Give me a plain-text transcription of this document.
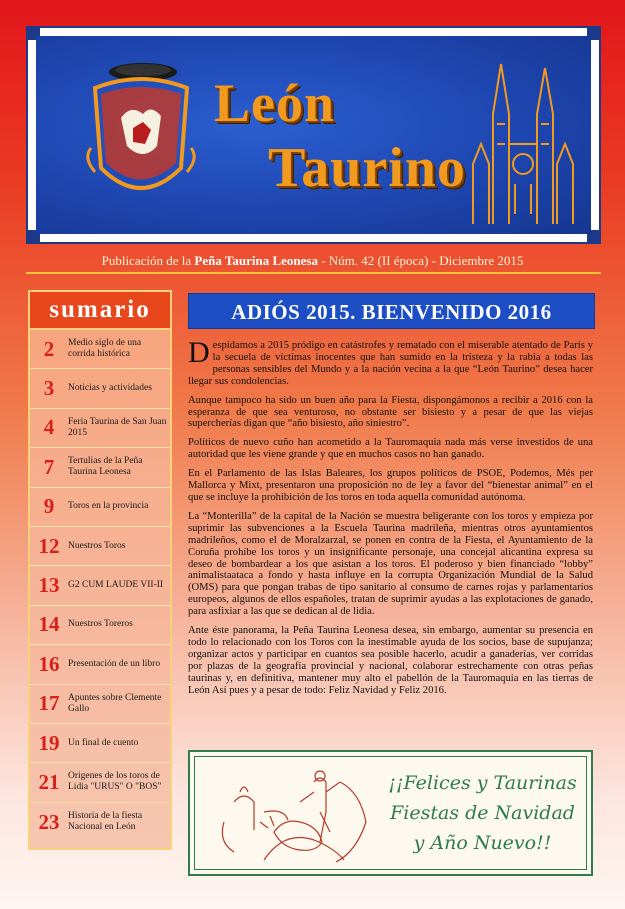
León
Taurino
Publicación de la Peña Taurina Leonesa - Núm. 42 (II época) - Diciembre 2015
sumario
2	Medio siglo de una corrida histórica
3	Noticias y actividades
4	Feria Taurina de San Juan 2015
7	Tertulias de la Peña Taurina Leonesa
9	Toros en la provincia
12 Nuestros Toros
13 G2 CUM LAUDE VII-II
14 Nuestros Toreros
16 Presentación de un libro
17 Apuntes sobre Clemente Gallo
19 Un final de cuento
21 Origenes de los toros de Lidia "URUS" O "BOS"
23 Historia de la fiesta Nacional en León
ADIÓS 2015. BIENVENIDO 2016

Despidamos a 2015 pródigo en catástrofes y rematado con el miserable atentado de París y la secuela de víctimas inocentes que han sumido en la tristeza y la rabia a todas las personas sensibles del Mundo y a la nación vecina a la que “León Taurino” desea hacer llegar sus condolencias.

Aunque tampoco ha sido un buen año para la Fiesta, dispongámonos a recibir a 2016 con la esperanza de que sea venturoso, no obstante ser bisiesto y a pesar de que las viejas supercherías digan que “año bisiesto, año siniestro”.

Políticos de nuevo cuño han acometido a la Tauromaquia nada más verse investidos de una autoridad que les viene grande y que en muchos casos no han ganado.

En el Parlamento de las Islas Baleares, los grupos políticos de PSOE, Podemos, Més per Mallorca y Mixt, presentaron una proposición no de ley a favor del “bienestar animal” en el que se incluye la prohibición de los toros en toda aquella comunidad autónoma.

La “Monterilla” de la capital de la Nación se muestra beligerante con los toros y empieza por suprimir las subvenciones a la Escuela Taurina madrileña, mientras otros ayuntamientos madrileños, como el de Moralzarzal, se ponen en contra de la Fiesta, el Ayuntamiento de la Coruña prohíbe los toros y un insignificante personaje, una concejal alicantina expresa su deseo de bombardear a los que asistan a los toros. El poderoso y bien financiado “lobby” animalistaataca a fondo y hasta influye en la corrupta Organización Mundial de la Salud (OMS) para que pongan trabas de tipo sanitario al consumo de carnes rojas y parlamentarios europeos, algunos de ellos españoles, tratan de suprimir ayudas a las explotaciones de ganado, para asfixiar a las que se dedican al de lidia.

Ante éste panorama, la Peña Taurina Leonesa desea, sin embargo, aumentar su presencia en todo lo relacionado con los Toros con la inestimable ayuda de los socios, base de supujanza; organizar actos y participar en cuantos sea posible hacerlo, acudir a ganaderías, ver corridas por plazas de la geografía provincial y nacional, colaborar estrechamente con otras peñas taurinas y, en definitiva, mantener muy alto el pabellón de la Tauromaquia en las tierras de León Así pues y a pesar de todo: Feliz Navidad y Feliz 2016.

¡¡Felices y Taurinas
Fiestas de Navidad
y Año Nuevo!!
